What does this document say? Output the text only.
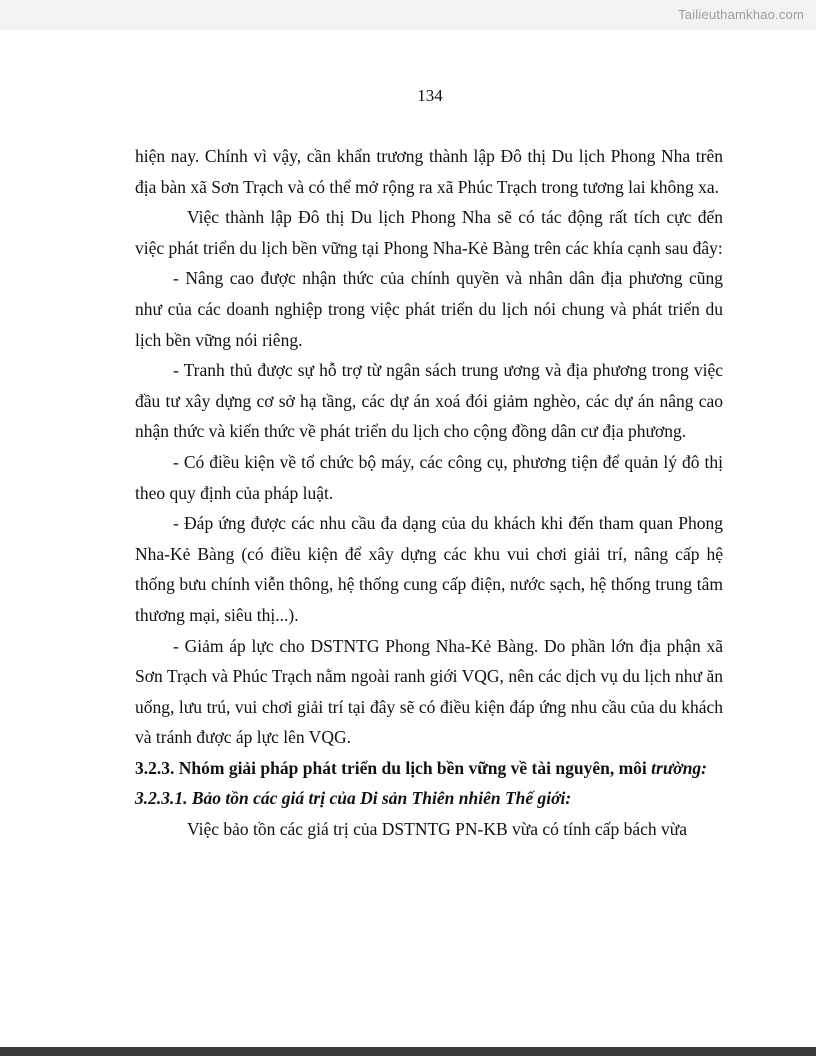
Tailieuthamkhao.com
134

hiện nay. Chính vì vậy, cần khẩn trương thành lập Đô thị Du lịch Phong Nha trên địa bàn xã Sơn Trạch và có thể mở rộng ra xã Phúc Trạch trong tương lai không xa.

Việc thành lập Đô thị Du lịch Phong Nha sẽ có tác động rất tích cực đến việc phát triển du lịch bền vững tại Phong Nha-Kẻ Bàng trên các khía cạnh sau đây:

- Nâng cao được nhận thức của chính quyền và nhân dân địa phương cũng như của các doanh nghiệp trong việc phát triển du lịch nói chung và phát triển du lịch bền vững nói riêng.

- Tranh thủ được sự hỗ trợ từ ngân sách trung ương và địa phương trong việc đầu tư xây dựng cơ sở hạ tầng, các dự án xoá đói giảm nghèo, các dự án nâng cao nhận thức và kiến thức về phát triển du lịch cho cộng đồng dân cư địa phương.

- Có điều kiện về tổ chức bộ máy, các công cụ, phương tiện để quản lý đô thị theo quy định của pháp luật.

- Đáp ứng được các nhu cầu đa dạng của du khách khi đến tham quan Phong Nha-Kẻ Bàng (có điều kiện để xây dựng các khu vui chơi giải trí, nâng cấp hệ thống bưu chính viễn thông, hệ thống cung cấp điện, nước sạch, hệ thống trung tâm thương mại, siêu thị...).

- Giảm áp lực cho DSTNTG Phong Nha-Kẻ Bàng. Do phần lớn địa phận xã Sơn Trạch và Phúc Trạch nằm ngoài ranh giới VQG, nên các dịch vụ du lịch như ăn uống, lưu trú, vui chơi giải trí tại đây sẽ có điều kiện đáp ứng nhu cầu của du khách và tránh được áp lực lên VQG.

3.2.3. Nhóm giải pháp phát triển du lịch bền vững về tài nguyên, môi trường:

3.2.3.1. Bảo tồn các giá trị của Di sản Thiên nhiên Thế giới:

Việc bảo tồn các giá trị của DSTNTG PN-KB vừa có tính cấp bách vừa
